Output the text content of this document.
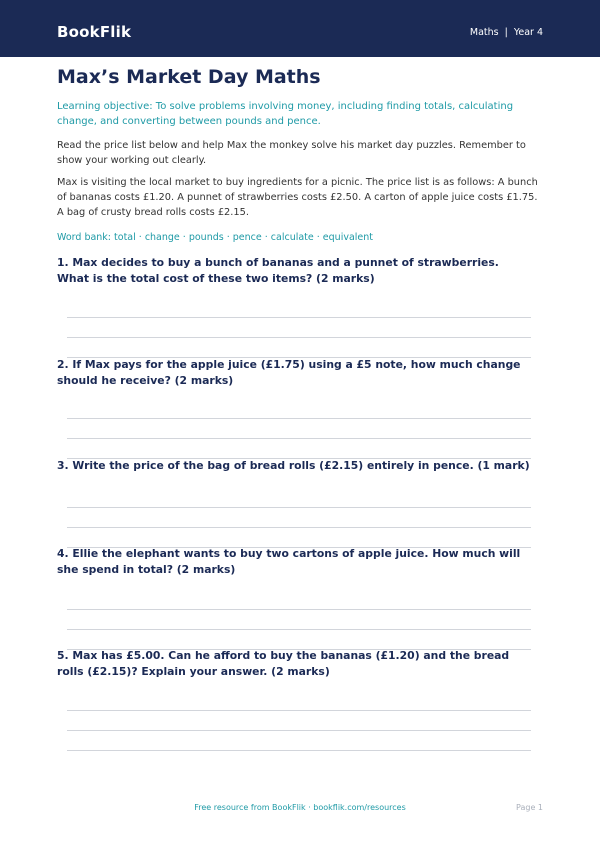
BookFlik	Maths | Year 4
Max’s Market Day Maths
Learning objective: To solve problems involving money, including finding totals, calculating change, and converting between pounds and pence.
Read the price list below and help Max the monkey solve his market day puzzles. Remember to show your working out clearly.
Max is visiting the local market to buy ingredients for a picnic. The price list is as follows: A bunch of bananas costs £1.20. A punnet of strawberries costs £2.50. A carton of apple juice costs £1.75. A bag of crusty bread rolls costs £2.15.
Word bank: total · change · pounds · pence · calculate · equivalent
1. Max decides to buy a bunch of bananas and a punnet of strawberries. What is the total cost of these two items? (2 marks)
2. If Max pays for the apple juice (£1.75) using a £5 note, how much change should he receive? (2 marks)
3. Write the price of the bag of bread rolls (£2.15) entirely in pence. (1 mark)
4. Ellie the elephant wants to buy two cartons of apple juice. How much will she spend in total? (2 marks)
5. Max has £5.00. Can he afford to buy the bananas (£1.20) and the bread rolls (£2.15)? Explain your answer. (2 marks)
Free resource from BookFlik · bookflik.com/resources	Page 1
